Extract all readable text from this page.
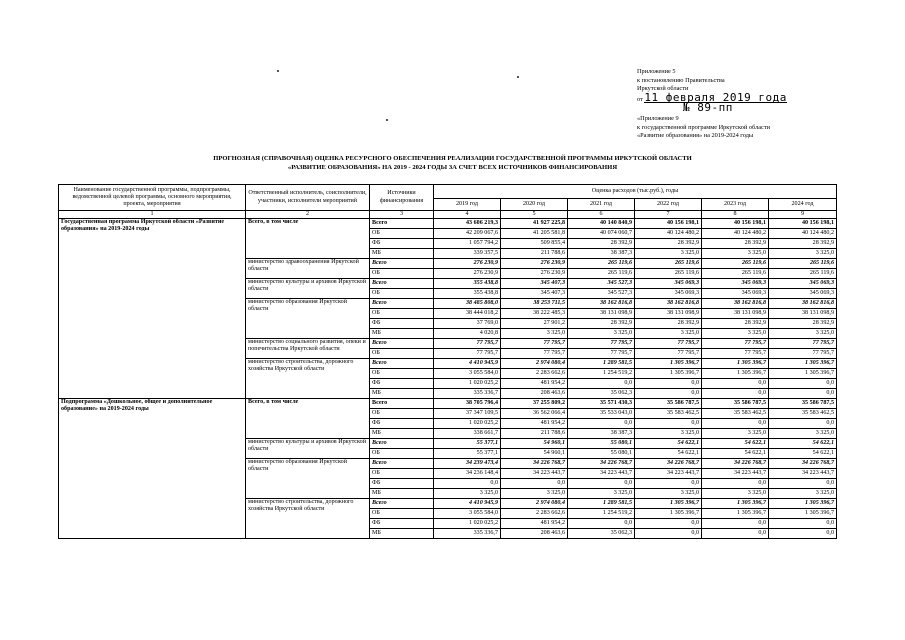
Приложение 5
к постановлению Правительства
Иркутской области
от 11 февраля 2019 года
№ 89-пп
«Приложение 9
к государственной программе Иркутской области
«Развитие образования» на 2019-2024 годы
ПРОГНОЗНАЯ (СПРАВОЧНАЯ) ОЦЕНКА РЕСУРСНОГО ОБЕСПЕЧЕНИЯ РЕАЛИЗАЦИИ ГОСУДАРСТВЕННОЙ ПРОГРАММЫ ИРКУТСКОЙ ОБЛАСТИ
«РАЗВИТИЕ ОБРАЗОВАНИЯ» НА 2019 - 2024 ГОДЫ ЗА СЧЕТ ВСЕХ ИСТОЧНИКОВ ФИНАНСИРОВАНИЯ
Наименование государственной программы, подпрограммы, ведомственной целевой программы, основного мероприятия, проекта, мероприятия	Ответственный исполнитель, соисполнители, участники, исполнители мероприятий	Источники финансирования	Оценка расходов (тыс.руб.), годы					
			2019 год	2020 год	2021 год	2022 год	2023 год	2024 год
1	2	3	4	5	6	7	8	9
Государственная программа Иркутской области «Развитие образования» на 2019-2024 годы	Всего, в том числе	Всего	43 606 219,3	41 927 225,8	40 140 840,9	40 156 198,1	40 156 198,1	40 156 198,1
		ОБ	42 209 067,6	41 205 581,8	40 074 060,7	40 124 480,2	40 124 480,2	40 124 480,2
		ФБ	1 057 794,2	509 855,4	28 392,9	28 392,9	28 392,9	28 392,9
		МБ	339 357,5	211 788,6	38 387,3	3 325,0	3 325,0	3 325,0
	министерство здравоохранения Иркутской области	Всего	276 230,9	276 230,9	265 119,6	265 119,6	265 119,6	265 119,6
		ОБ	276 230,9	276 230,9	265 119,6	265 119,6	265 119,6	265 119,6
	министерство культуры и архивов Иркутской области	Всего	355 438,8	345 407,3	345 527,3	345 069,3	345 069,3	345 069,3
		ОБ	355 438,8	345 407,3	345 527,3	345 069,3	345 069,3	345 069,3
	министерство образования Иркутской области	Всего	38 485 808,0	38 253 711,5	38 162 816,8	38 162 816,8	38 162 816,8	38 162 816,8
		ОБ	38 444 018,2	38 222 485,3	38 131 098,9	38 131 098,9	38 131 098,9	38 131 098,9
		ФБ	37 769,0	27 901,2	28 392,9	28 392,9	28 392,9	28 392,9
		МБ	4 020,8	3 325,0	3 325,0	3 325,0	3 325,0	3 325,0
	министерство социального развития, опеки и попечительства Иркутской области	Всего	77 795,7	77 795,7	77 795,7	77 795,7	77 795,7	77 795,7
		ОБ	77 795,7	77 795,7	77 795,7	77 795,7	77 795,7	77 795,7
	министерство строительства, дорожного хозяйства Иркутской области	Всего	4 410 945,9	2 974 080,4	1 289 581,5	1 305 396,7	1 305 396,7	1 305 396,7
		ОБ	3 055 584,0	2 283 662,6	1 254 519,2	1 305 396,7	1 305 396,7	1 305 396,7
		ФБ	1 020 025,2	481 954,2	0,0	0,0	0,0	0,0
		МБ	335 336,7	208 463,6	35 062,3	0,0	0,0	0,0
Подпрограмма «Дошкольное, общее и дополнительное образование» на 2019-2024 годы	Всего, в том числе	Всего	38 705 796,4	37 255 809,2	35 571 430,3	35 586 787,5	35 586 787,5	35 586 787,5
		ОБ	37 347 109,5	36 562 066,4	35 533 043,0	35 583 462,5	35 583 462,5	35 583 462,5
		ФБ	1 020 025,2	481 954,2	0,0	0,0	0,0	0,0
		МБ	338 661,7	211 788,6	38 387,3	3 325,0	3 325,0	3 325,0
	министерство культуры и архивов Иркутской области	Всего	55 377,1	54 960,1	55 080,1	54 622,1	54 622,1	54 622,1
		ОБ	55 377,1	54 960,1	55 080,1	54 622,1	54 622,1	54 622,1
	министерство образования Иркутской области	Всего	34 239 473,4	34 226 768,7	34 226 768,7	34 226 768,7	34 226 768,7	34 226 768,7
		ОБ	34 236 148,4	34 223 443,7	34 223 443,7	34 223 443,7	34 223 443,7	34 223 443,7
		ФБ	0,0	0,0	0,0	0,0	0,0	0,0
		МБ	3 325,0	3 325,0	3 325,0	3 325,0	3 325,0	3 325,0
	министерство строительства, дорожного хозяйства Иркутской области	Всего	4 410 945,9	2 974 080,4	1 289 581,5	1 305 396,7	1 305 396,7	1 305 396,7
		ОБ	3 055 584,0	2 283 662,6	1 254 519,2	1 305 396,7	1 305 396,7	1 305 396,7
		ФБ	1 020 025,2	481 954,2	0,0	0,0	0,0	0,0
		МБ	335 336,7	208 463,6	35 062,3	0,0	0,0	0,0
